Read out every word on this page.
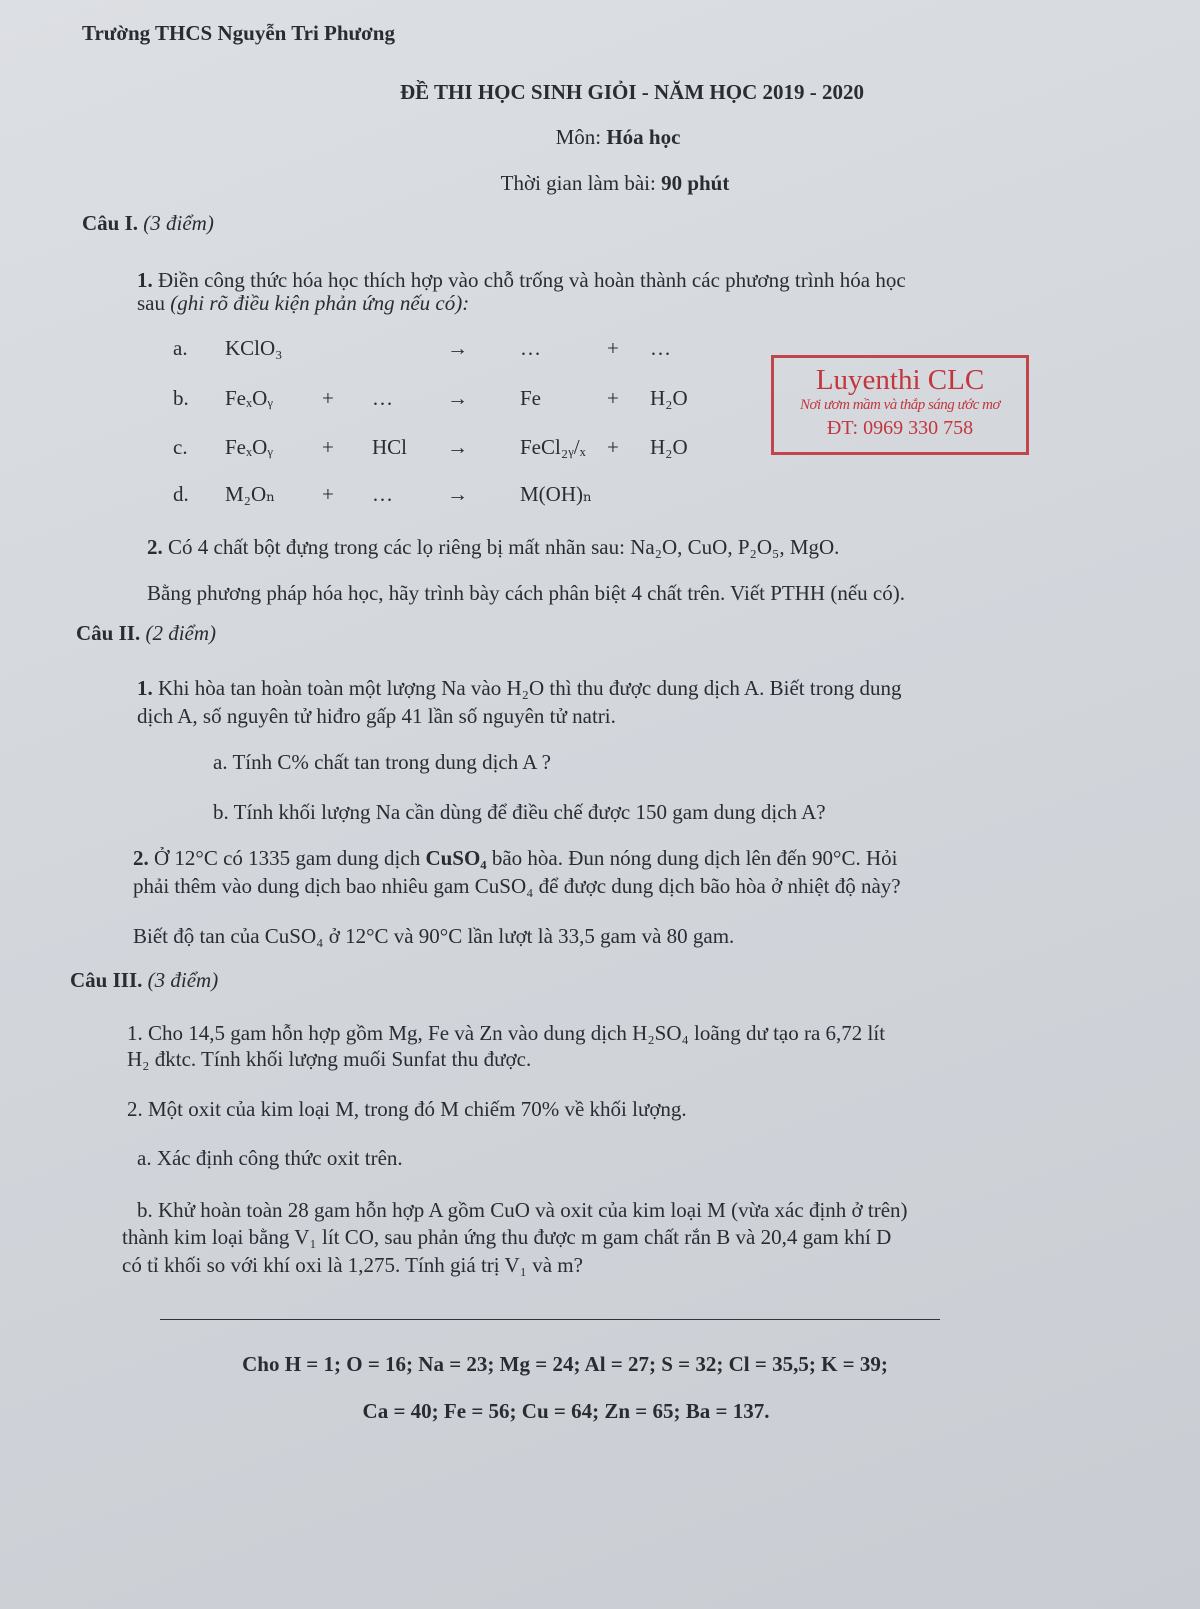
Trường THCS Nguyễn Tri Phương
ĐỀ THI HỌC SINH GIỎI - NĂM HỌC 2019 - 2020
Môn: Hóa học
Thời gian làm bài: 90 phút
Câu I. (3 điểm)
1. Điền công thức hóa học thích hợp vào chỗ trống và hoàn thành các phương trình hóa học
sau (ghi rõ điều kiện phản ứng nếu có):
a. KClO₃	→ …	+ …
b. FeₓOᵧ + …	→ Fe	+ H₂O
c. FeₓOᵧ + HCl → FeCl₂ᵧ/ₓ + H₂O
d. M₂Oₙ + …	→ M(OH)ₙ
Luyenthi CLC
Nơi ươm mầm và thắp sáng ước mơ
ĐT: 0969 330 758
2. Có 4 chất bột đựng trong các lọ riêng bị mất nhãn sau: Na₂O, CuO, P₂O₅, MgO.
Bằng phương pháp hóa học, hãy trình bày cách phân biệt 4 chất trên. Viết PTHH (nếu có).
Câu II. (2 điểm)
1. Khi hòa tan hoàn toàn một lượng Na vào H₂O thì thu được dung dịch A. Biết trong dung
dịch A, số nguyên tử hiđro gấp 41 lần số nguyên tử natri.
a. Tính C% chất tan trong dung dịch A ?
b. Tính khối lượng Na cần dùng để điều chế được 150 gam dung dịch A?
2. Ở 12°C có 1335 gam dung dịch CuSO₄ bão hòa. Đun nóng dung dịch lên đến 90°C. Hỏi
phải thêm vào dung dịch bao nhiêu gam CuSO₄ để được dung dịch bão hòa ở nhiệt độ này?
Biết độ tan của CuSO₄ ở 12°C và 90°C lần lượt là 33,5 gam và 80 gam.
Câu III. (3 điểm)
1. Cho 14,5 gam hỗn hợp gồm Mg, Fe và Zn vào dung dịch H₂SO₄ loãng dư tạo ra 6,72 lít
H₂ đktc. Tính khối lượng muối Sunfat thu được.
2. Một oxit của kim loại M, trong đó M chiếm 70% về khối lượng.
a. Xác định công thức oxit trên.
b. Khử hoàn toàn 28 gam hỗn hợp A gồm CuO và oxit của kim loại M (vừa xác định ở trên)
thành kim loại bằng V₁ lít CO, sau phản ứng thu được m gam chất rắn B và 20,4 gam khí D
có tỉ khối so với khí oxi là 1,275. Tính giá trị V₁ và m?
Cho H = 1; O = 16; Na = 23; Mg = 24; Al = 27; S = 32; Cl = 35,5; K = 39;
Ca = 40; Fe = 56; Cu = 64; Zn = 65; Ba = 137.
